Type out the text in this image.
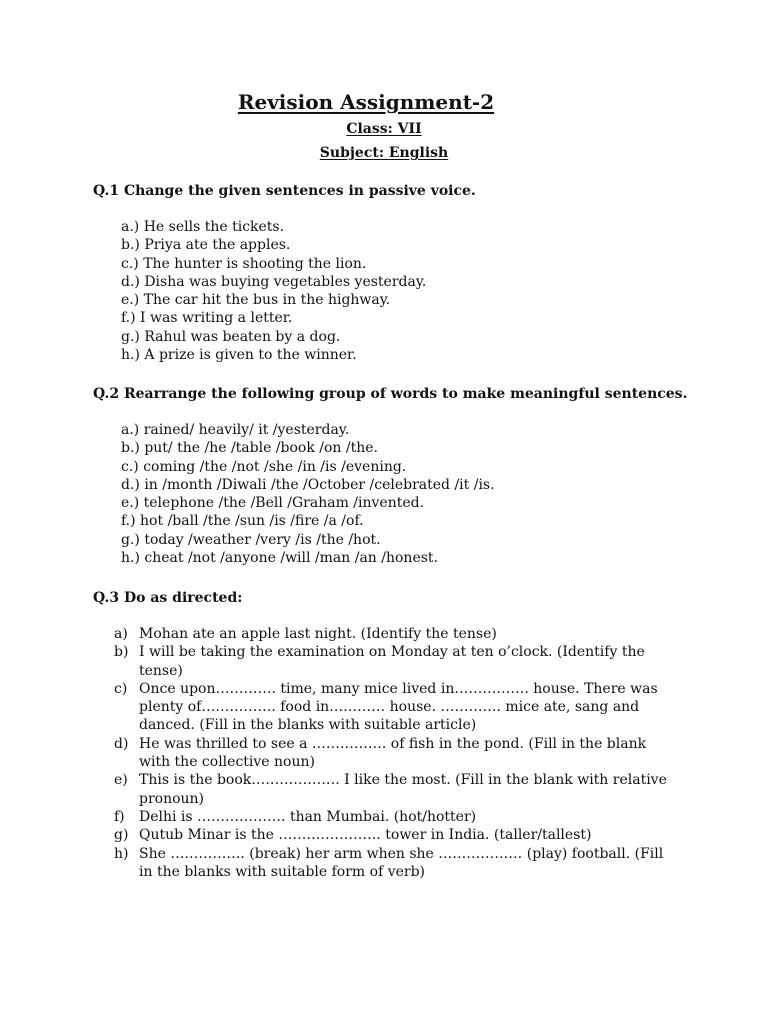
Revision Assignment-2
Class: VII
Subject: English
Q.1 Change the given sentences in passive voice.
a.) He sells the tickets.
b.) Priya ate the apples.
c.) The hunter is shooting the lion.
d.) Disha was buying vegetables yesterday.
e.) The car hit the bus in the highway.
f.) I was writing a letter.
g.) Rahul was beaten by a dog.
h.) A prize is given to the winner.
Q.2 Rearrange the following group of words to make meaningful sentences.
a.) rained/ heavily/ it /yesterday.
b.) put/ the /he /table /book /on /the.
c.) coming /the /not /she /in /is /evening.
d.) in /month /Diwali /the /October /celebrated /it /is.
e.) telephone /the /Bell /Graham /invented.
f.) hot /ball /the /sun /is /fire /a /of.
g.) today /weather /very /is /the /hot.
h.) cheat /not /anyone /will /man /an /honest.
Q.3 Do as directed:
a) Mohan ate an apple last night. (Identify the tense)
b) I will be taking the examination on Monday at ten o’clock. (Identify the tense)
c) Once upon…………. time, many mice lived in……………. house. There was plenty of……………. food in………… house. …………. mice ate, sang and danced. (Fill in the blanks with suitable article)
d) He was thrilled to see a ……………. of fish in the pond. (Fill in the blank with the collective noun)
e) This is the book………………. I like the most. (Fill in the blank with relative pronoun)
f)	Delhi is ………………. than Mumbai. (hot/hotter)
g) Qutub Minar is the …………………. tower in India. (taller/tallest)
h) She ……………. (break) her arm when she ……………… (play) football. (Fill in the blanks with suitable form of verb)
